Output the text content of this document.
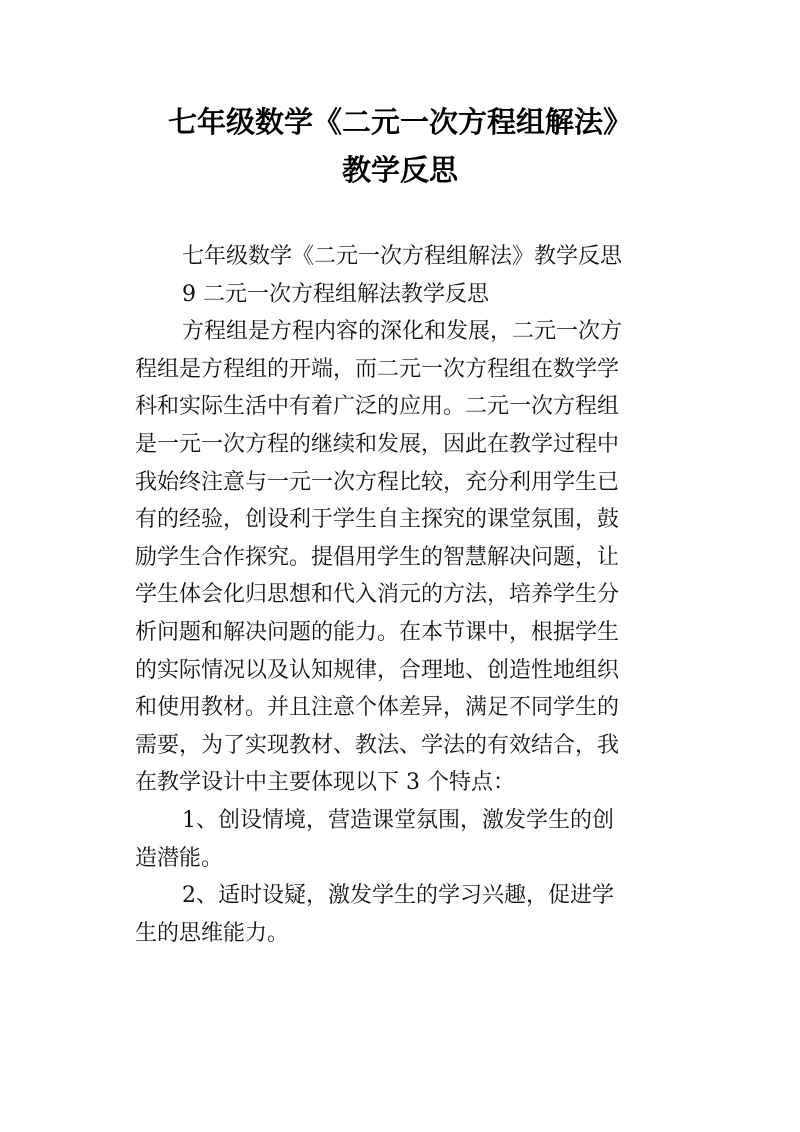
七年级数学《二元一次方程组解法》
教学反思
七年级数学《二元一次方程组解法》教学反思
9 二元一次方程组解法教学反思
方程组是方程内容的深化和发展，二元一次方
程组是方程组的开端，而二元一次方程组在数学学
科和实际生活中有着广泛的应用。二元一次方程组
是一元一次方程的继续和发展，因此在教学过程中
我始终注意与一元一次方程比较，充分利用学生已
有的经验，创设利于学生自主探究的课堂氛围，鼓
励学生合作探究。提倡用学生的智慧解决问题，让
学生体会化归思想和代入消元的方法，培养学生分
析问题和解决问题的能力。在本节课中，根据学生
的实际情况以及认知规律，合理地、创造性地组织
和使用教材。并且注意个体差异，满足不同学生的
需要，为了实现教材、教法、学法的有效结合，我
在教学设计中主要体现以下 3 个特点：
1、创设情境，营造课堂氛围，激发学生的创
造潜能。
2、适时设疑，激发学生的学习兴趣，促进学
生的思维能力。
